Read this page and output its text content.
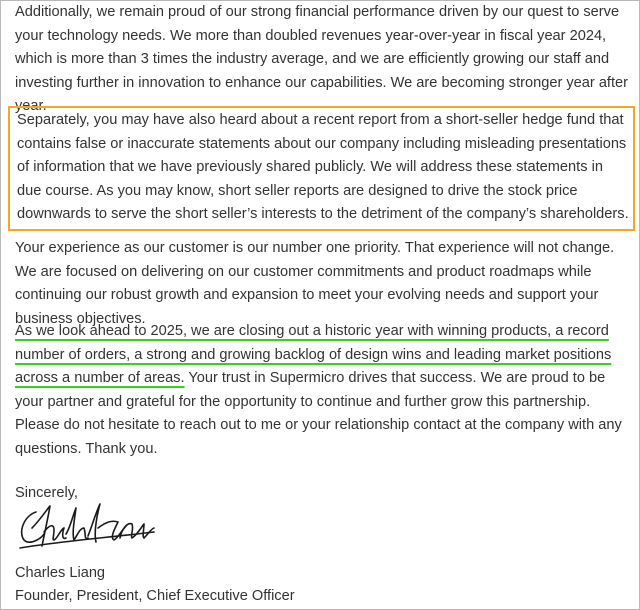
Additionally, we remain proud of our strong financial performance driven by our quest to serve your technology needs. We more than doubled revenues year-over-year in fiscal year 2024, which is more than 3 times the industry average, and we are efficiently growing our staff and investing further in innovation to enhance our capabilities. We are becoming stronger year after year.

Separately, you may have also heard about a recent report from a short-seller hedge fund that contains false or inaccurate statements about our company including misleading presentations of information that we have previously shared publicly. We will address these statements in due course. As you may know, short seller reports are designed to drive the stock price downwards to serve the short seller’s interests to the detriment of the company’s shareholders.

Your experience as our customer is our number one priority. That experience will not change. We are focused on delivering on our customer commitments and product roadmaps while continuing our robust growth and expansion to meet your evolving needs and support your business objectives.

As we look ahead to 2025, we are closing out a historic year with winning products, a record number of orders, a strong and growing backlog of design wins and leading market positions across a number of areas. Your trust in Supermicro drives that success. We are proud to be your partner and grateful for the opportunity to continue and further grow this partnership. Please do not hesitate to reach out to me or your relationship contact at the company with any questions. Thank you.

Sincerely,
Charles Liang
Founder, President, Chief Executive Officer
